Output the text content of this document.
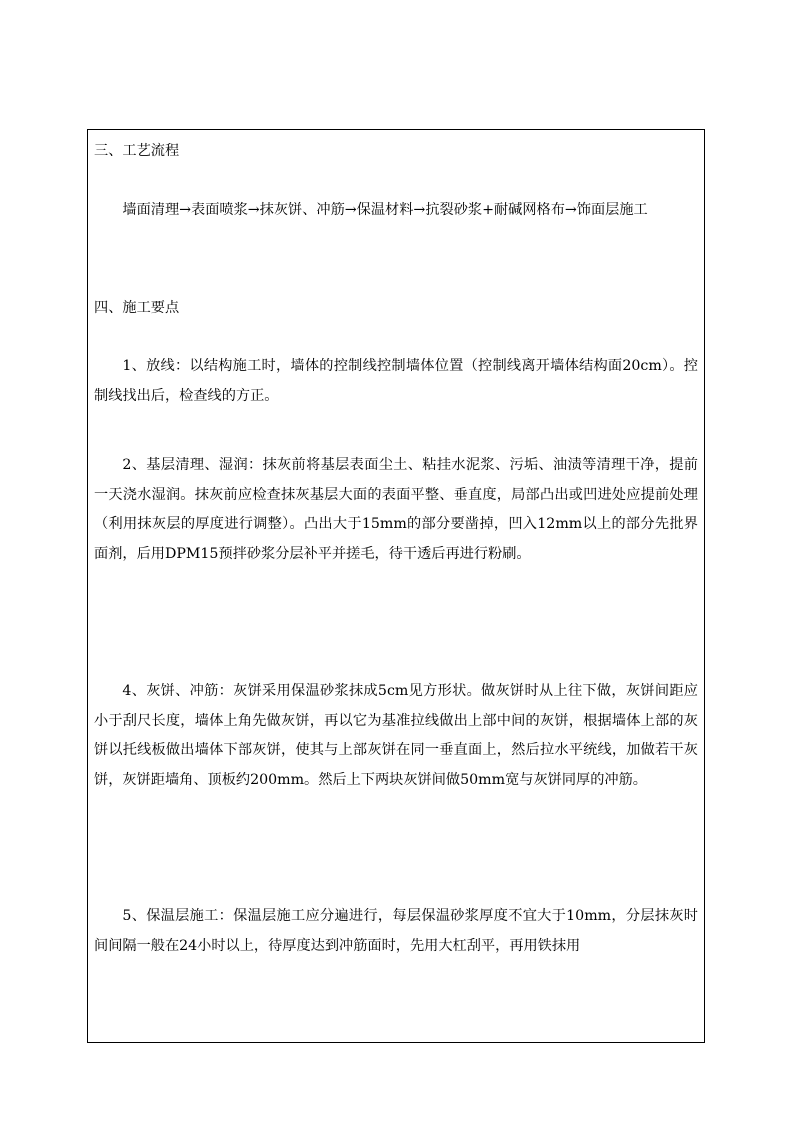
三、工艺流程
墙面清理→表面喷浆→抹灰饼、冲筋→保温材料→抗裂砂浆+耐碱网格布→饰面层施工
四、施工要点
1、放线：以结构施工时，墙体的控制线控制墙体位置（控制线离开墙体结构面20cm）。控制线找出后，检查线的方正。
2、基层清理、湿润：抹灰前将基层表面尘土、粘挂水泥浆、污垢、油渍等清理干净，提前一天浇水湿润。抹灰前应检查抹灰基层大面的表面平整、垂直度，局部凸出或凹进处应提前处理（利用抹灰层的厚度进行调整）。凸出大于15mm的部分要凿掉，凹入12mm以上的部分先批界面剂，后用DPM15预拌砂浆分层补平并搓毛，待干透后再进行粉刷。
4、灰饼、冲筋：灰饼采用保温砂浆抹成5cm见方形状。做灰饼时从上往下做，灰饼间距应小于刮尺长度，墙体上角先做灰饼，再以它为基准拉线做出上部中间的灰饼，根据墙体上部的灰饼以托线板做出墙体下部灰饼，使其与上部灰饼在同一垂直面上，然后拉水平统线，加做若干灰饼，灰饼距墙角、顶板约200mm。然后上下两块灰饼间做50mm宽与灰饼同厚的冲筋。
5、保温层施工：保温层施工应分遍进行，每层保温砂浆厚度不宜大于10mm，分层抹灰时间间隔一般在24小时以上，待厚度达到冲筋面时，先用大杠刮平，再用铁抹用
